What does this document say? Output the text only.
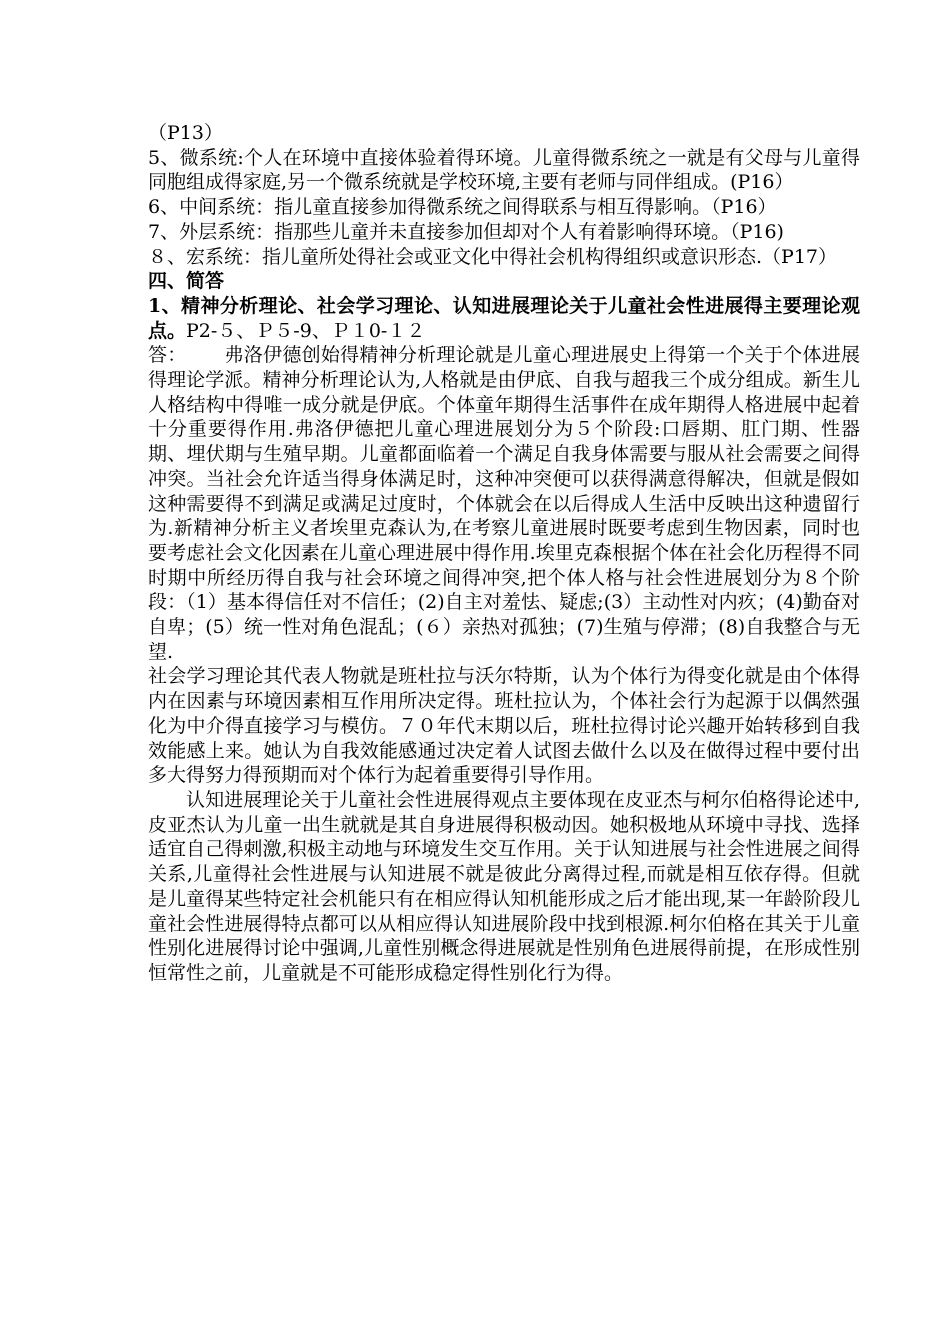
（P13）

5、微系统:个人在环境中直接体验着得环境。儿童得微系统之一就是有父母与儿童得同胞组成得家庭,另一个微系统就是学校环境,主要有老师与同伴组成。(P16）

6、中间系统：指儿童直接参加得微系统之间得联系与相互得影响。（P16）

7、外层系统：指那些儿童并未直接参加但却对个人有着影响得环境。（P16)

８、宏系统：指儿童所处得社会或亚文化中得社会机构得组织或意识形态.（P17）

四、简答

1、精神分析理论、社会学习理论、认知进展理论关于儿童社会性进展得主要理论观点。P2-５、Ｐ５-9、Ｐ１0-１２

答： 弗洛伊德创始得精神分析理论就是儿童心理进展史上得第一个关于个体进展得理论学派。精神分析理论认为,人格就是由伊底、自我与超我三个成分组成。新生儿人格结构中得唯一成分就是伊底。个体童年期得生活事件在成年期得人格进展中起着十分重要得作用.弗洛伊德把儿童心理进展划分为５个阶段:口唇期、肛门期、性器期、埋伏期与生殖早期。儿童都面临着一个满足自我身体需要与服从社会需要之间得冲突。当社会允许适当得身体满足时，这种冲突便可以获得满意得解决，但就是假如这种需要得不到满足或满足过度时，个体就会在以后得成人生活中反映出这种遗留行为.新精神分析主义者埃里克森认为,在考察儿童进展时既要考虑到生物因素，同时也要考虑社会文化因素在儿童心理进展中得作用.埃里克森根据个体在社会化历程得不同时期中所经历得自我与社会环境之间得冲突,把个体人格与社会性进展划分为８个阶段：（1）基本得信任对不信任；(2)自主对羞怯、疑虑;(3）主动性对内疚；(4)勤奋对自卑；(5）统一性对角色混乱；(６）亲热对孤独；(7)生殖与停滞；(8)自我整合与无望.

社会学习理论其代表人物就是班杜拉与沃尔特斯，认为个体行为得变化就是由个体得内在因素与环境因素相互作用所决定得。班杜拉认为，个体社会行为起源于以偶然强化为中介得直接学习与模仿。７０年代末期以后，班杜拉得讨论兴趣开始转移到自我效能感上来。她认为自我效能感通过决定着人试图去做什么以及在做得过程中要付出多大得努力得预期而对个体行为起着重要得引导作用。

认知进展理论关于儿童社会性进展得观点主要体现在皮亚杰与柯尔伯格得论述中,皮亚杰认为儿童一出生就就是其自身进展得积极动因。她积极地从环境中寻找、选择适宜自己得刺激,积极主动地与环境发生交互作用。关于认知进展与社会性进展之间得关系,儿童得社会性进展与认知进展不就是彼此分离得过程,而就是相互依存得。但就是儿童得某些特定社会机能只有在相应得认知机能形成之后才能出现,某一年龄阶段儿童社会性进展得特点都可以从相应得认知进展阶段中找到根源.柯尔伯格在其关于儿童性别化进展得讨论中强调,儿童性别概念得进展就是性别角色进展得前提，在形成性别恒常性之前，儿童就是不可能形成稳定得性别化行为得。
